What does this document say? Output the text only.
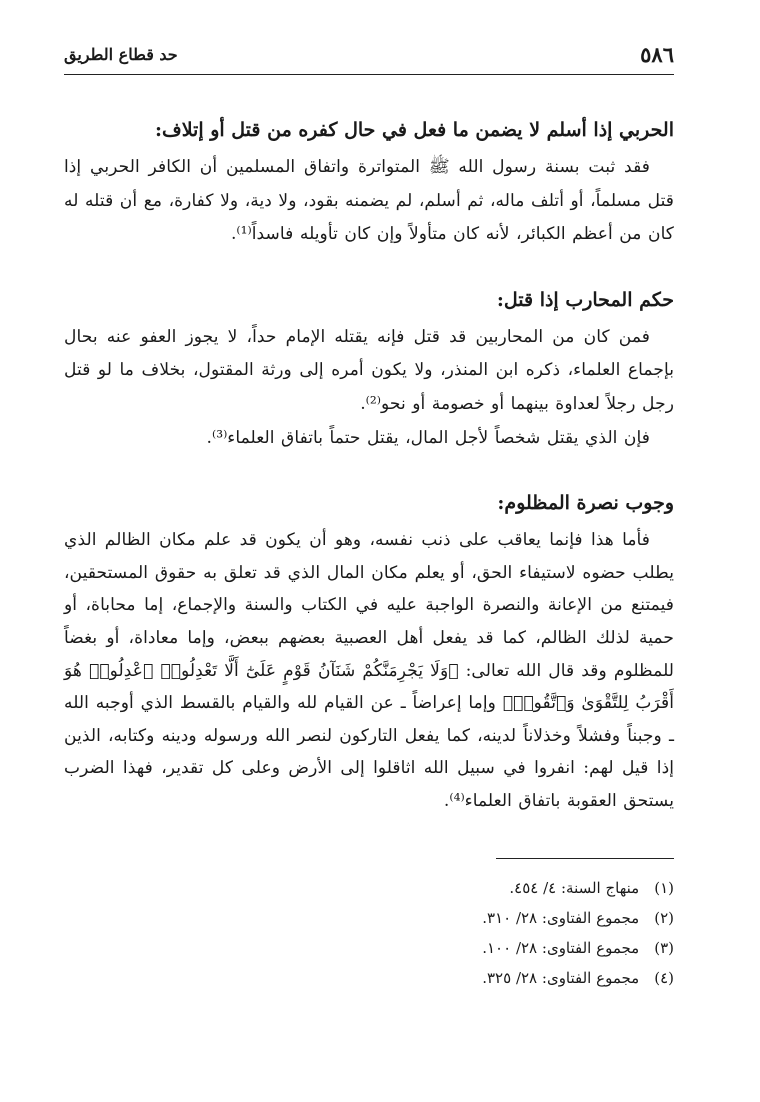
٥٨٦
حد قطاع الطريق
الحربي إذا أسلم لا يضمن ما فعل في حال كفره من قتل أو إتلاف:

فقد ثبت بسنة رسول الله ﷺ المتواترة واتفاق المسلمين أن الكافر الحربي إذا قتل مسلماً، أو أتلف ماله، ثم أسلم، لم يضمنه بقود، ولا دية، ولا كفارة، مع أن قتله له كان من أعظم الكبائر، لأنه كان متأولاً وإن كان تأويله فاسداً⁽¹⁾.

حكم المحارب إذا قتل:

فمن كان من المحاربين قد قتل فإنه يقتله الإمام حداً، لا يجوز العفو عنه بحال بإجماع العلماء، ذكره ابن المنذر، ولا يكون أمره إلى ورثة المقتول، بخلاف ما لو قتل رجل رجلاً لعداوة بينهما أو خصومة أو نحو⁽²⁾.

فإن الذي يقتل شخصاً لأجل المال، يقتل حتماً باتفاق العلماء⁽³⁾.

وجوب نصرة المظلوم:

فأما هذا فإنما يعاقب على ذنب نفسه، وهو أن يكون قد علم مكان الظالم الذي يطلب حضوه لاستيفاء الحق، أو يعلم مكان المال الذي قد تعلق به حقوق المستحقين، فيمتنع من الإعانة والنصرة الواجبة عليه في الكتاب والسنة والإجماع، إما محاباة، أو حمية لذلك الظالم، كما قد يفعل أهل العصبية بعضهم ببعض، وإما معاداة، أو بغضاً للمظلوم وقد قال الله تعالى: ﴿وَلَا يَجْرِمَنَّكُمْ شَنَآنُ قَوْمٍ عَلَىٰٓ أَلَّا تَعْدِلُوا۟ ٱعْدِلُوا۟ هُوَ أَقْرَبُ لِلتَّقْوَىٰ وَٱتَّقُوا۟﴾ وإما إعراضاً ـ عن القيام لله والقيام بالقسط الذي أوجبه الله ـ وجبناً وفشلاً وخذلاناً لدينه، كما يفعل التاركون لنصر الله ورسوله ودينه وكتابه، الذين إذا قيل لهم: انفروا في سبيل الله اثاقلوا إلى الأرض وعلى كل تقدير، فهذا الضرب يستحق العقوبة باتفاق العلماء⁽⁴⁾.

(١) منهاج السنة: ٤/ ٤٥٤.
(٢) مجموع الفتاوى: ٢٨/ ٣١٠.
(٣) مجموع الفتاوى: ٢٨/ ١٠٠.
(٤) مجموع الفتاوى: ٢٨/ ٣٢٥.
